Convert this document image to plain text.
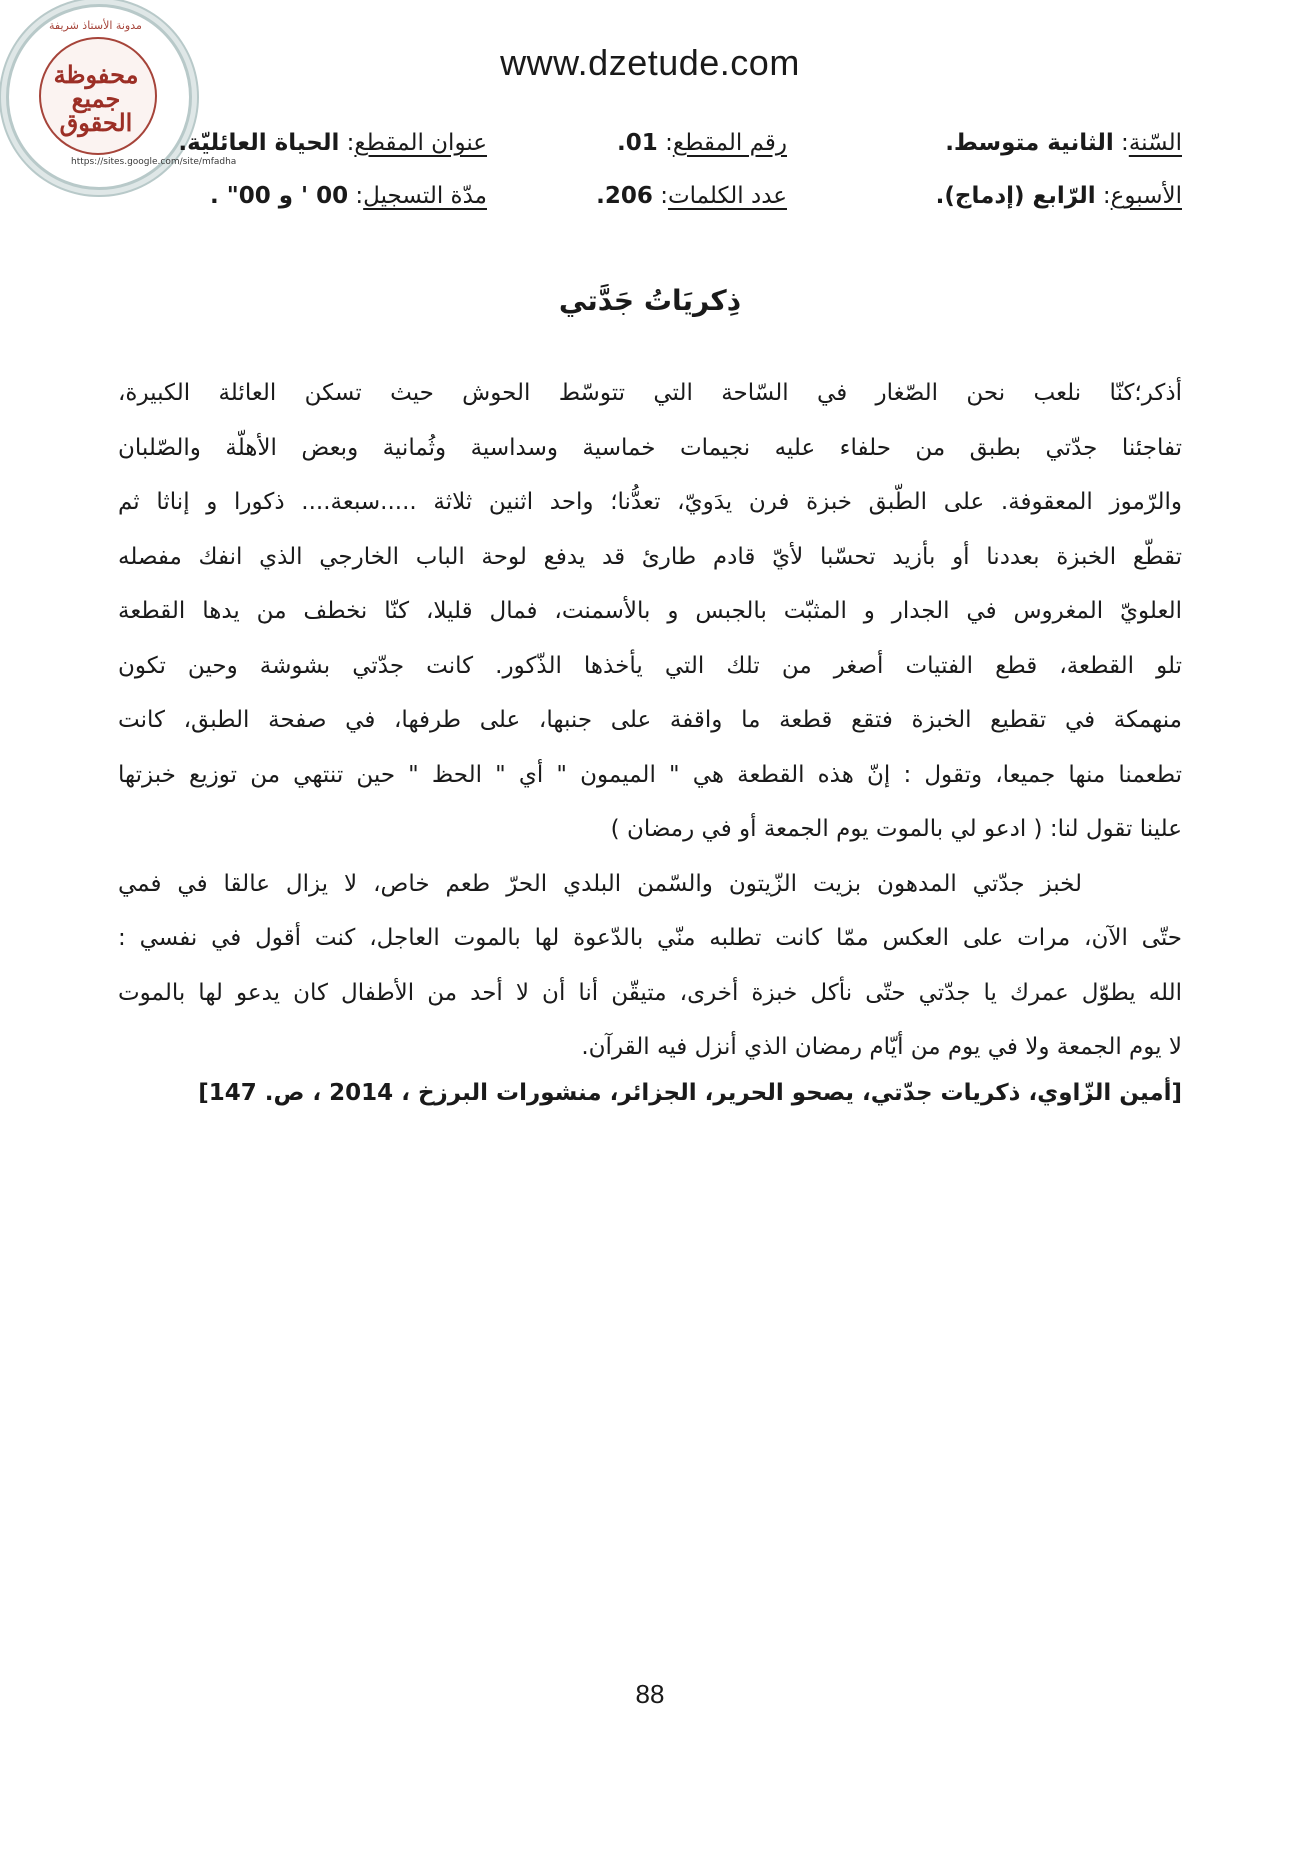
مدونة الأستاذ شريفة
https://sites.google.com/site/mfadha
محفوظة جميع الحقوق
www.dzetude.com
السّنة: الثانية متوسط.
رقم المقطع: 01.
عنوان المقطع: الحياة العائليّة.
الأسبوع: الرّابع (إدماج).
عدد الكلمات: 206.
مدّة التسجيل: 00 ' و 00" .
ذِكريَاتُ جَدَّتي
أذكر؛كنّا نلعب نحن الصّغار في السّاحة التي تتوسّط الحوش حيث تسكن العائلة الكبيرة،
تفاجئنا جدّتي بطبق من حلفاء عليه نجيمات خماسية وسداسية وثُمانية وبعض الأهلّة والصّلبان
والرّموز المعقوفة. على الطّبق خبزة فرن يدَويّ، تعدُّنا؛ واحد اثنين ثلاثة .....سبعة.... ذكورا و إناثا ثم
تقطّع الخبزة بعددنا أو بأزيد تحسّبا لأيّ قادم طارئ قد يدفع لوحة الباب الخارجي الذي انفك مفصله
العلويّ المغروس في الجدار و المثبّت بالجبس و بالأسمنت، فمال قليلا، كنّا نخطف من يدها القطعة
تلو القطعة، قطع الفتيات أصغر من تلك التي يأخذها الذّكور. كانت جدّتي بشوشة وحين تكون
منهمكة في تقطيع الخبزة فتقع قطعة ما واقفة على جنبها، على طرفها، في صفحة الطبق، كانت
تطعمنا منها جميعا، وتقول : إنّ هذه القطعة هي " الميمون " أي " الحظ " حين تنتهي من توزيع خبزتها
علينا تقول لنا: ( ادعو لي بالموت يوم الجمعة أو في رمضان )
لخبز جدّتي المدهون بزيت الزّيتون والسّمن البلدي الحرّ طعم خاص، لا يزال عالقا في فمي
حتّى الآن، مرات على العكس ممّا كانت تطلبه منّي بالدّعوة لها بالموت العاجل، كنت أقول في نفسي :
الله يطوّل عمرك يا جدّتي حتّى نأكل خبزة أخرى، متيقّن أنا أن لا أحد من الأطفال كان يدعو لها بالموت
لا يوم الجمعة ولا في يوم من أيّام رمضان الذي أنزل فيه القرآن.
[أمين الزّاوي، ذكريات جدّتي، يصحو الحرير، الجزائر، منشورات البرزخ ، 2014 ، ص. 147]
88
